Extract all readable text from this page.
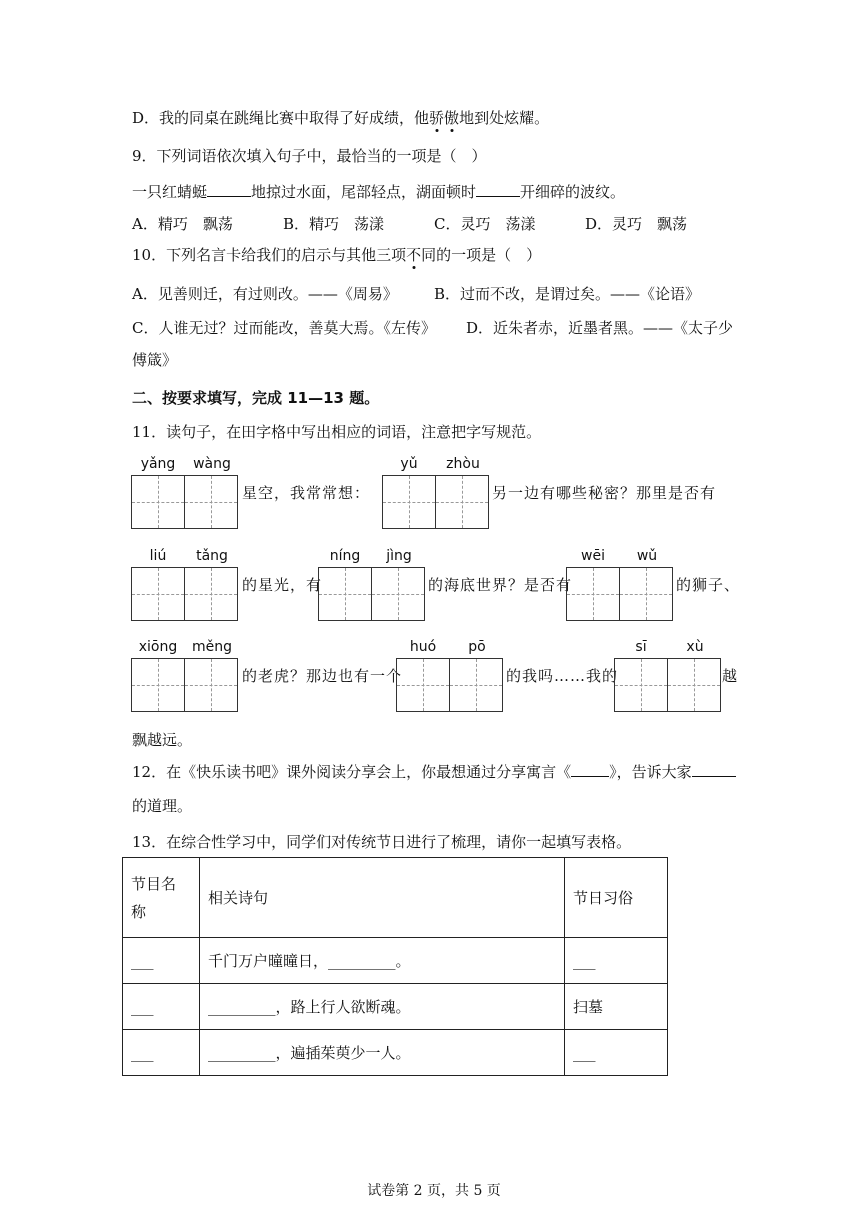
D．我的同桌在跳绳比赛中取得了好成绩，他骄傲地到处炫耀。
9．下列词语依次填入句子中，最恰当的一项是（　）
一只红蜻蜓	地掠过水面，尾部轻点，湖面顿时	开细碎的波纹。
A．精巧　飘荡	B．精巧　荡漾	C．灵巧　荡漾	D．灵巧　飘荡
10．下列名言卡给我们的启示与其他三项不同的一项是（　）
A．见善则迁，有过则改。——《周易》 B．过而不改，是谓过矣。——《论语》
C．人谁无过？过而能改，善莫大焉。《左传》 D．近朱者赤，近墨者黑。——《太子少
傅箴》
二、按要求填写，完成 11—13 题。
11．读句子，在田字格中写出相应的词语，注意把字写规范。
yǎng	wàng
星空，我常常想：
yǔ	zhòu
另一边有哪些秘密？那里是否有
liú	tǎng
的星光，有
níng	jìng
的海底世界？是否有
wēi	wǔ
的狮子、
xiōng	měng
的老虎？那边也有一个
huó	pō
的我吗……我的
sī	xù
越
飘越远。
12．在《快乐读书吧》课外阅读分享会上，你最想通过分享寓言《	》，告诉大家
的道理。
13．在综合性学习中，同学们对传统节日进行了梳理，请你一起填写表格。
节目名
称	相关诗句	节日习俗
___	千门万户曈曈日，_________。	___
___	_________，路上行人欲断魂。	扫墓
___	_________，遍插茱萸少一人。	___
试卷第 2 页，共 5 页
